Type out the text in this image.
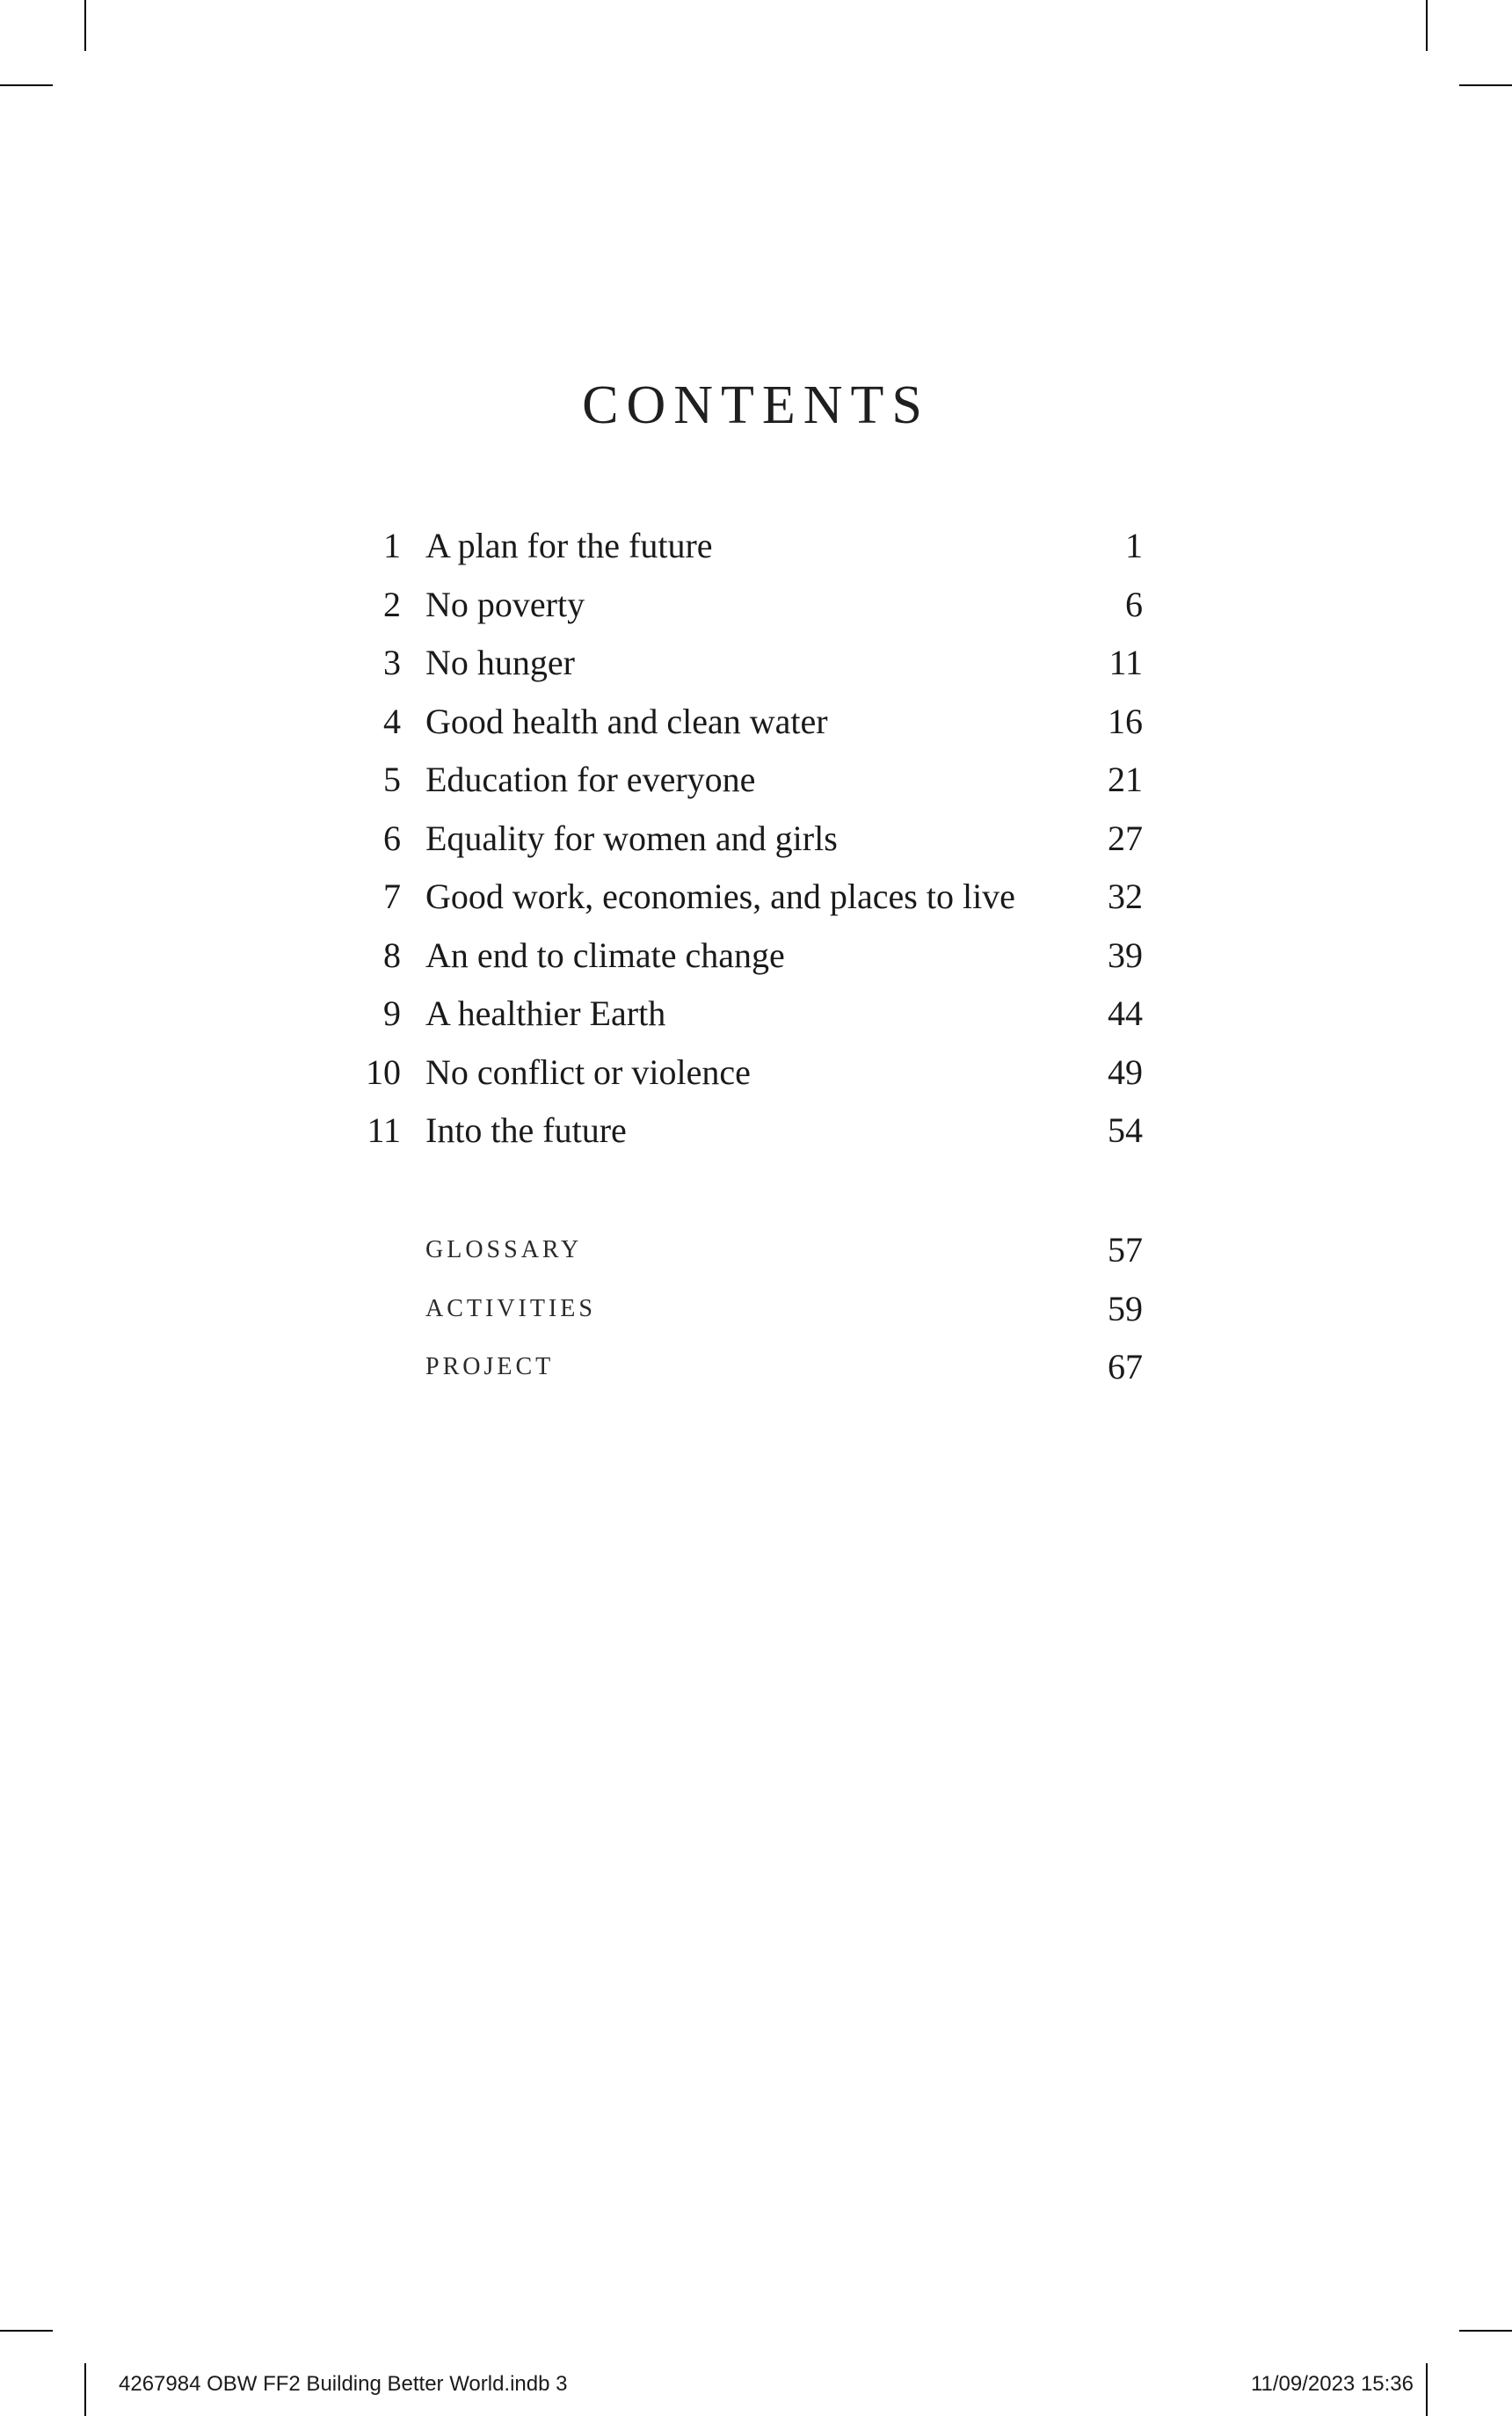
CONTENTS
1 A plan for the future	1
2 No poverty	6
3 No hunger	11
4 Good health and clean water	16
5 Education for everyone	21
6 Equality for women and girls	27
7 Good work, economies, and places to live	32
8 An end to climate change	39
9 A healthier Earth	44
10 No conflict or violence	49
11 Into the future	54
GLOSSARY	57
ACTIVITIES	59
PROJECT	67
4267984 OBW FF2 Building Better World.indb 3	11/09/2023 15:36
